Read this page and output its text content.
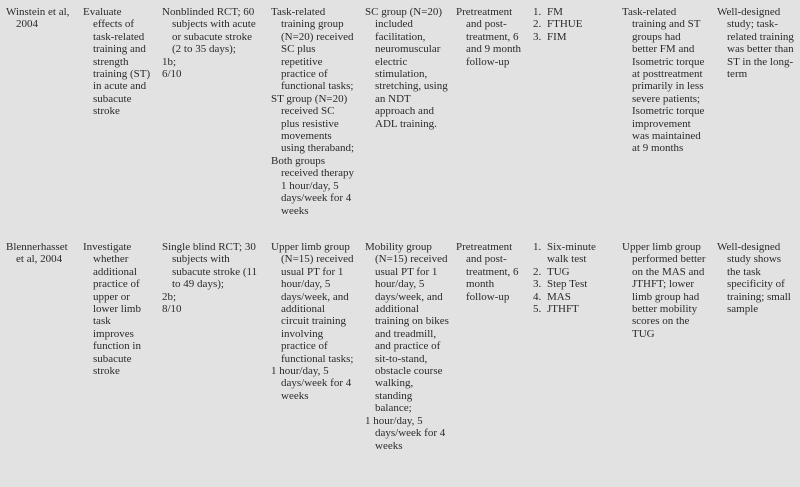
Winstein et al, 2004
Evaluate effects of task-related training and strength training (ST) in acute and subacute stroke
Nonblinded RCT; 60 subjects with acute or subacute stroke (2 to 35 days);
1b;
6/10
Task-related training group (N=20) received SC plus repetitive practice of functional tasks;
ST group (N=20) received SC plus resistive movements using theraband;
Both groups received therapy 1 hour/day, 5 days/week for 4 weeks
SC group (N=20) included facilitation, neuromuscular electric stimulation, stretching, using an NDT approach and ADL training.
Pretreatment and post-treatment, 6 and 9 month follow-up
1. FM
2. FTHUE
3. FIM
Task-related training and ST groups had better FM and Isometric torque at posttreatment primarily in less severe patients; Isometric torque improvement was maintained at 9 months
Well-designed study; task-related training was better than ST in the long-term
Blennerhasset et al, 2004
Investigate whether additional practice of upper or lower limb task improves function in subacute stroke
Single blind RCT; 30 subjects with subacute stroke (11 to 49 days);
2b;
8/10
Upper limb group (N=15) received usual PT for 1 hour/day, 5 days/week, and additional circuit training involving practice of functional tasks;
1 hour/day, 5 days/week for 4 weeks
Mobility group (N=15) received usual PT for 1 hour/day, 5 days/week, and additional training on bikes and treadmill, and practice of sit-to-stand, obstacle course walking, standing balance;
1 hour/day, 5 days/week for 4 weeks
Pretreatment and post-treatment, 6 month follow-up
1. Six-minute walk test
2. TUG
3. Step Test
4. MAS
5. JTHFT
Upper limb group performed better on the MAS and JTHFT; lower limb group had better mobility scores on the TUG
Well-designed study shows the task specificity of training; small sample
